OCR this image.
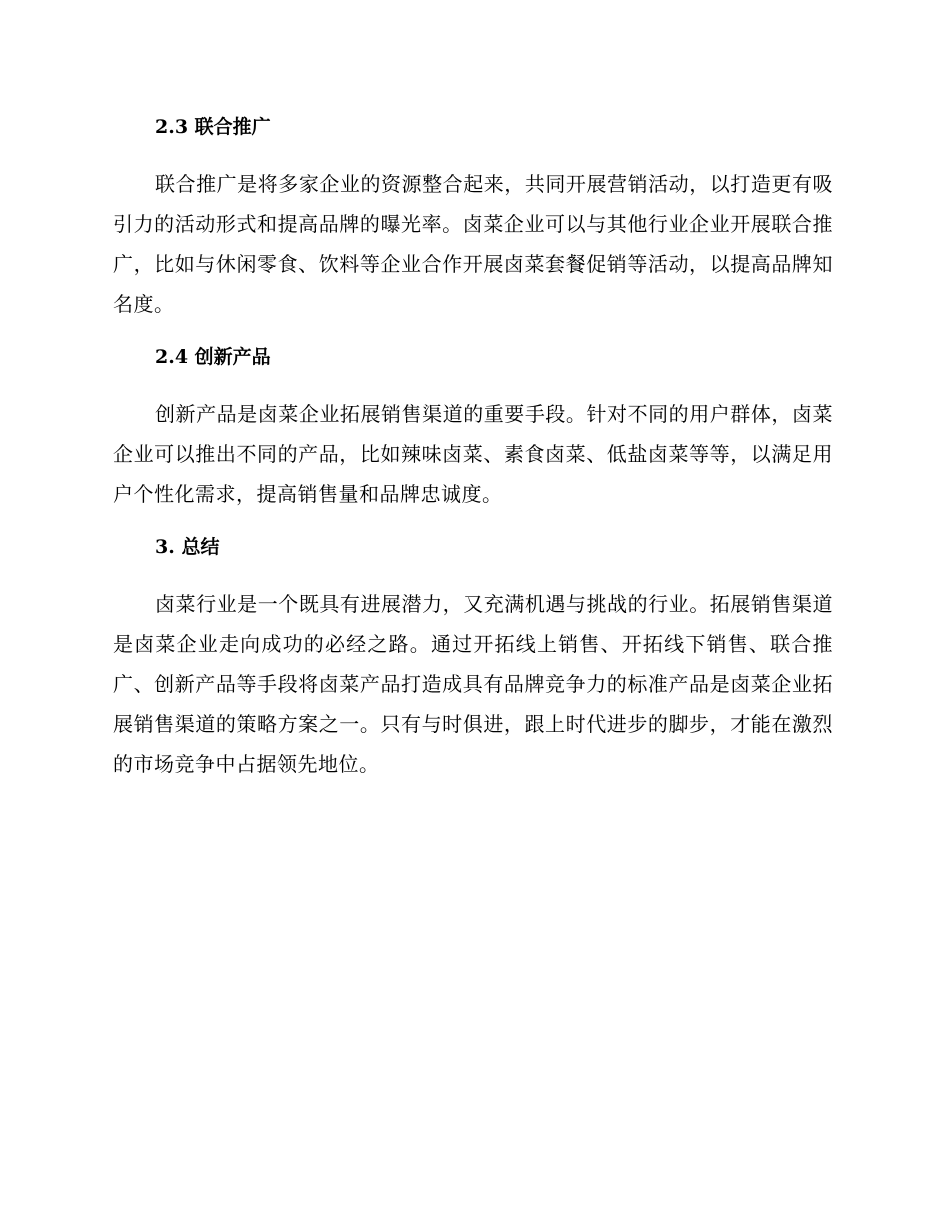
2.3 联合推广

联合推广是将多家企业的资源整合起来，共同开展营销活动，以打造更有吸引力的活动形式和提高品牌的曝光率。卤菜企业可以与其他行业企业开展联合推广，比如与休闲零食、饮料等企业合作开展卤菜套餐促销等活动，以提高品牌知名度。

2.4 创新产品

创新产品是卤菜企业拓展销售渠道的重要手段。针对不同的用户群体，卤菜企业可以推出不同的产品，比如辣味卤菜、素食卤菜、低盐卤菜等等，以满足用户个性化需求，提高销售量和品牌忠诚度。

3. 总结

卤菜行业是一个既具有进展潜力，又充满机遇与挑战的行业。拓展销售渠道是卤菜企业走向成功的必经之路。通过开拓线上销售、开拓线下销售、联合推广、创新产品等手段将卤菜产品打造成具有品牌竞争力的标准产品是卤菜企业拓展销售渠道的策略方案之一。只有与时俱进，跟上时代进步的脚步，才能在激烈的市场竞争中占据领先地位。
